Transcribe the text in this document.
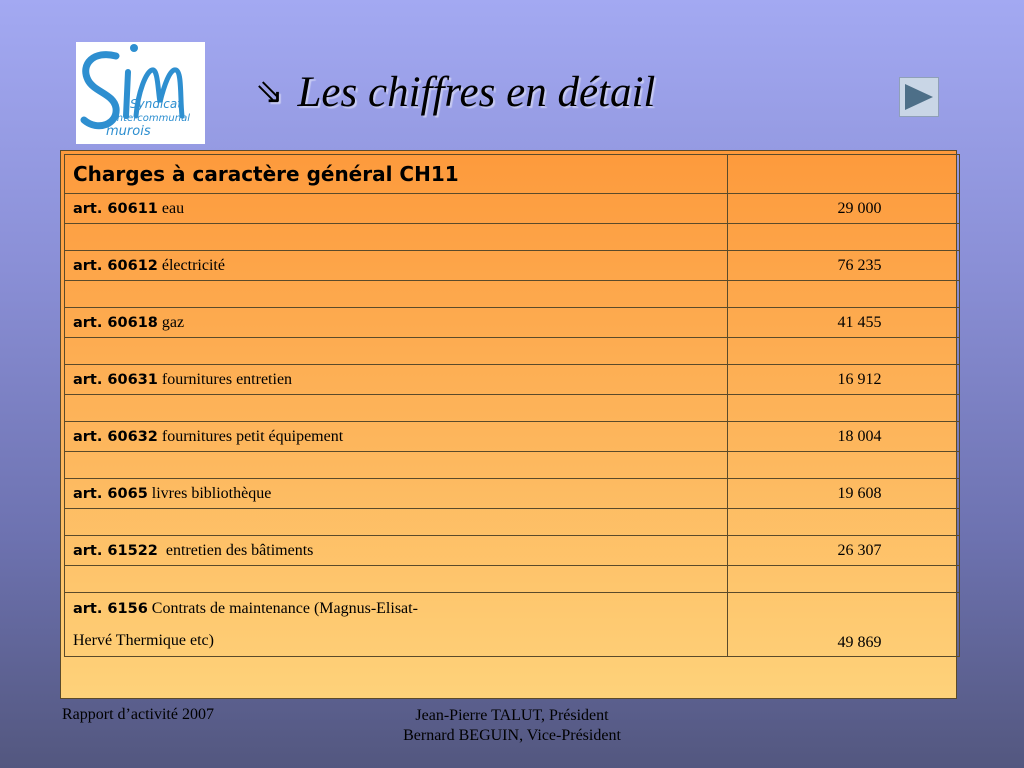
Syndicat
intercommunal
murois
⇘ Les chiffres en détail
Charges à caractère général CH11	
art. 60611 eau	29 000

art. 60612 électricité	76 235

art. 60618 gaz	41 455

art. 60631 fournitures entretien	16 912

art. 60632 fournitures petit équipement	18 004

art. 6065 livres bibliothèque	19 608

art. 61522  entretien des bâtiments	26 307

art. 6156 Contrats de maintenance (Magnus-Elisat-
Hervé Thermique etc)	49 869
Rapport d’activité 2007	Jean-Pierre TALUT, Président
Bernard BEGUIN, Vice-Président
